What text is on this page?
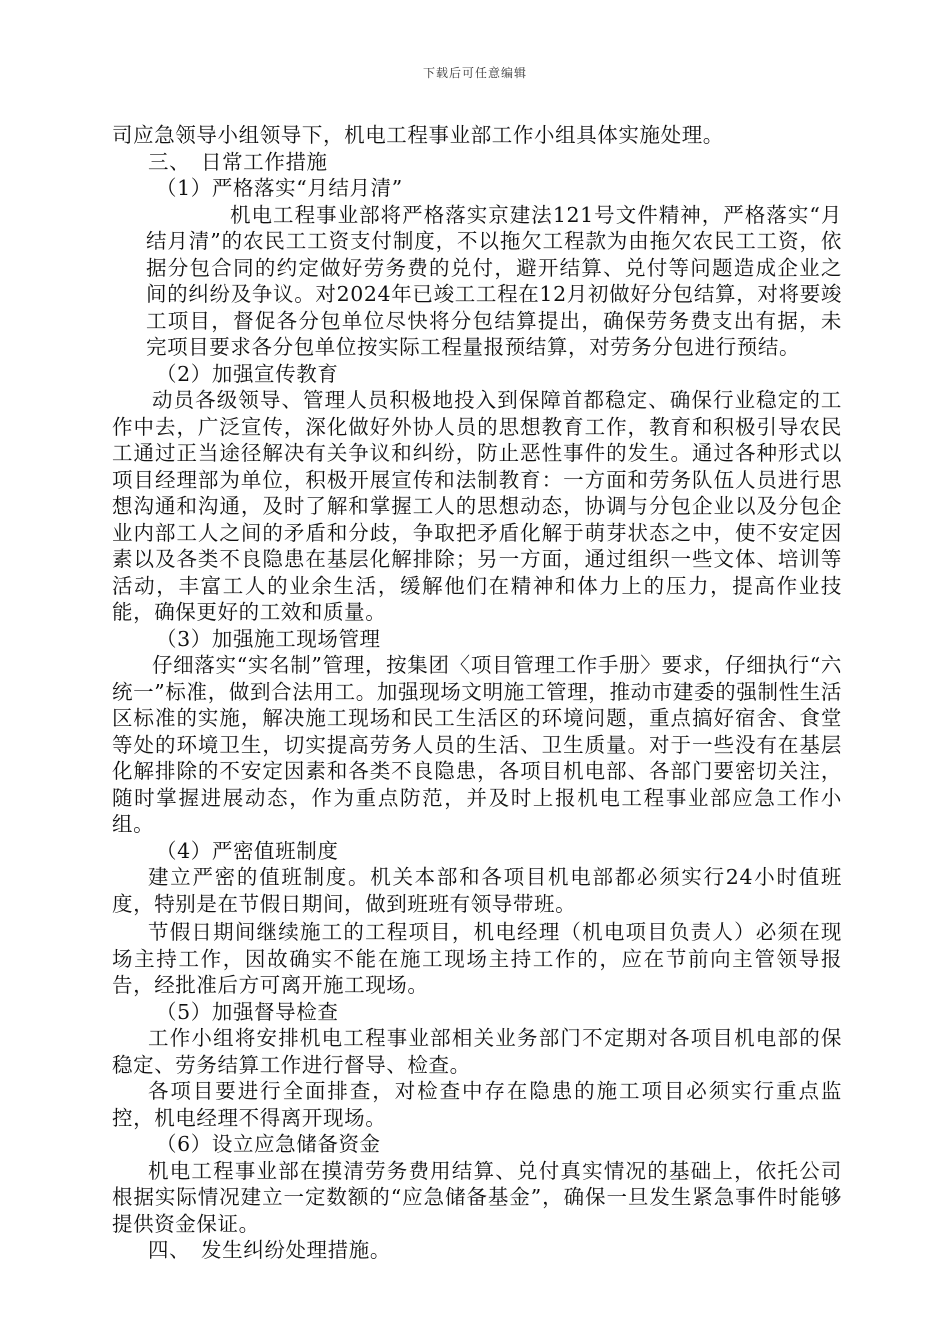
下载后可任意编辑

司应急领导小组领导下，机电工程事业部工作小组具体实施处理。

三、　日常工作措施

（1）严格落实“月结月清”

机电工程事业部将严格落实京建法121号文件精神，严格落实“月结月清”的农民工工资支付制度，不以拖欠工程款为由拖欠农民工工资，依据分包合同的约定做好劳务费的兑付，避开结算、兑付等问题造成企业之间的纠纷及争议。对2024年已竣工工程在12月初做好分包结算，对将要竣工项目，督促各分包单位尽快将分包结算提出，确保劳务费支出有据，未完项目要求各分包单位按实际工程量报预结算，对劳务分包进行预结。

（2）加强宣传教育

动员各级领导、管理人员积极地投入到保障首都稳定、确保行业稳定的工作中去，广泛宣传，深化做好外协人员的思想教育工作，教育和积极引导农民工通过正当途径解决有关争议和纠纷，防止恶性事件的发生。通过各种形式以项目经理部为单位，积极开展宣传和法制教育：一方面和劳务队伍人员进行思想沟通和沟通，及时了解和掌握工人的思想动态，协调与分包企业以及分包企业内部工人之间的矛盾和分歧，争取把矛盾化解于萌芽状态之中，使不安定因素以及各类不良隐患在基层化解排除；另一方面，通过组织一些文体、培训等活动，丰富工人的业余生活，缓解他们在精神和体力上的压力，提高作业技能，确保更好的工效和质量。

（3）加强施工现场管理

仔细落实“实名制”管理，按集团〈项目管理工作手册〉要求，仔细执行“六统一”标准，做到合法用工。加强现场文明施工管理，推动市建委的强制性生活区标准的实施，解决施工现场和民工生活区的环境问题，重点搞好宿舍、食堂等处的环境卫生，切实提高劳务人员的生活、卫生质量。对于一些没有在基层化解排除的不安定因素和各类不良隐患，各项目机电部、各部门要密切关注，随时掌握进展动态，作为重点防范，并及时上报机电工程事业部应急工作小组。

（4）严密值班制度

建立严密的值班制度。机关本部和各项目机电部都必须实行24小时值班度，特别是在节假日期间，做到班班有领导带班。

节假日期间继续施工的工程项目，机电经理（机电项目负责人）必须在现场主持工作，因故确实不能在施工现场主持工作的，应在节前向主管领导报告，经批准后方可离开施工现场。

（5）加强督导检查

工作小组将安排机电工程事业部相关业务部门不定期对各项目机电部的保稳定、劳务结算工作进行督导、检查。

各项目要进行全面排查，对检查中存在隐患的施工项目必须实行重点监控，机电经理不得离开现场。

（6）设立应急储备资金

机电工程事业部在摸清劳务费用结算、兑付真实情况的基础上，依托公司根据实际情况建立一定数额的“应急储备基金”，确保一旦发生紧急事件时能够提供资金保证。

四、　发生纠纷处理措施。
